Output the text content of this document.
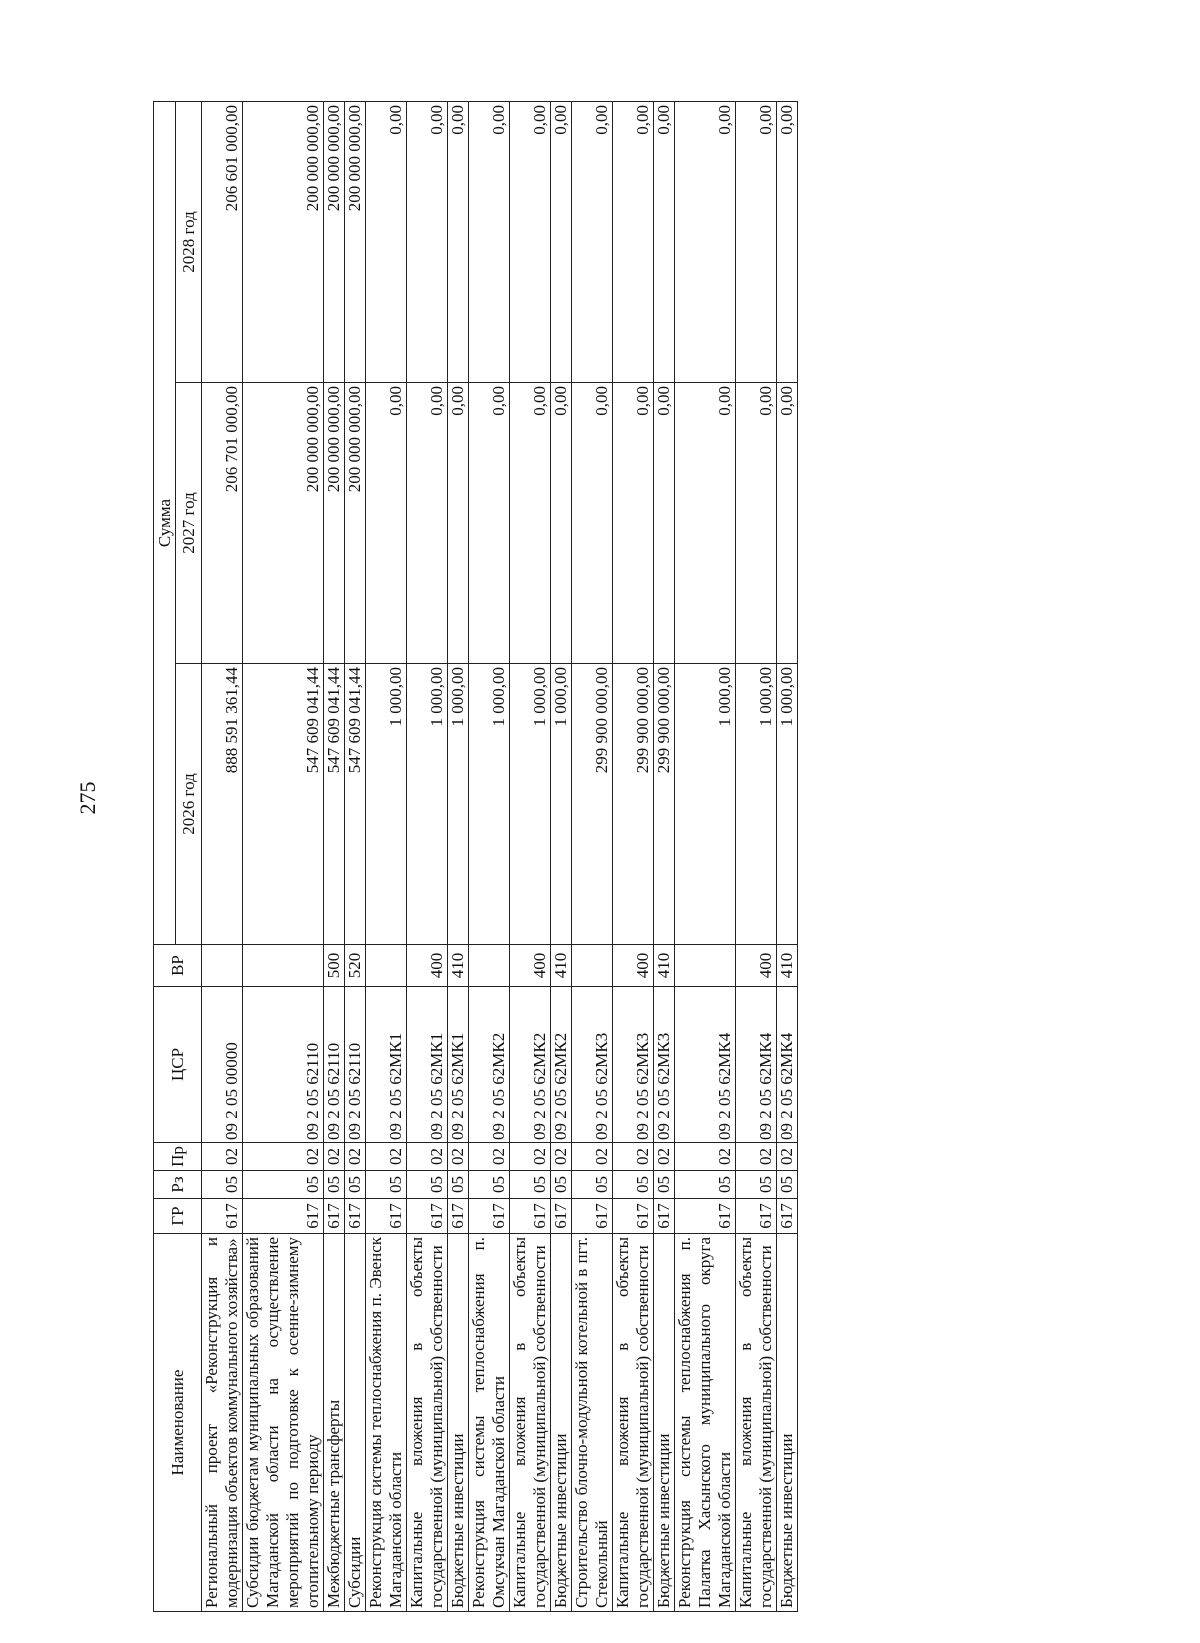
275
Наименование	ГР	Рз	Пр	ЦСР	ВР	Сумма		
						2026 год	2027 год	2028 год
Региональный проект «Реконструкция и модернизация объектов коммунального хозяйства»	617	05	02	09 2 05 00000		888 591 361,44	206 701 000,00	206 601 000,00
Субсидии бюджетам муниципальных образований Магаданской области на осуществление мероприятий по подготовке к осенне-зимнему отопительному периоду	617	05	02	09 2 05 62110		547 609 041,44	200 000 000,00	200 000 000,00
Межбюджетные трансферты	617	05	02	09 2 05 62110	500	547 609 041,44	200 000 000,00	200 000 000,00
Субсидии	617	05	02	09 2 05 62110	520	547 609 041,44	200 000 000,00	200 000 000,00
Реконструкция системы теплоснабжения п. Эвенск Магаданской области	617	05	02	09 2 05 62МК1		1 000,00	0,00	0,00
Капитальные вложения в объекты государственной (муниципальной) собственности	617	05	02	09 2 05 62МК1	400	1 000,00	0,00	0,00
Бюджетные инвестиции	617	05	02	09 2 05 62МК1	410	1 000,00	0,00	0,00
Реконструкция системы теплоснабжения п. Омсукчан Магаданской области	617	05	02	09 2 05 62МК2		1 000,00	0,00	0,00
Капитальные вложения в объекты государственной (муниципальной) собственности	617	05	02	09 2 05 62МК2	400	1 000,00	0,00	0,00
Бюджетные инвестиции	617	05	02	09 2 05 62МК2	410	1 000,00	0,00	0,00
Строительство блочно-модульной котельной в пгт. Стекольный	617	05	02	09 2 05 62МК3		299 900 000,00	0,00	0,00
Капитальные вложения в объекты государственной (муниципальной) собственности	617	05	02	09 2 05 62МК3	400	299 900 000,00	0,00	0,00
Бюджетные инвестиции	617	05	02	09 2 05 62МК3	410	299 900 000,00	0,00	0,00
Реконструкция системы теплоснабжения п. Палатка Хасынского муниципального округа Магаданской области	617	05	02	09 2 05 62МК4		1 000,00	0,00	0,00
Капитальные вложения в объекты государственной (муниципальной) собственности	617	05	02	09 2 05 62МК4	400	1 000,00	0,00	0,00
Бюджетные инвестиции	617	05	02	09 2 05 62МК4	410	1 000,00	0,00	0,00
